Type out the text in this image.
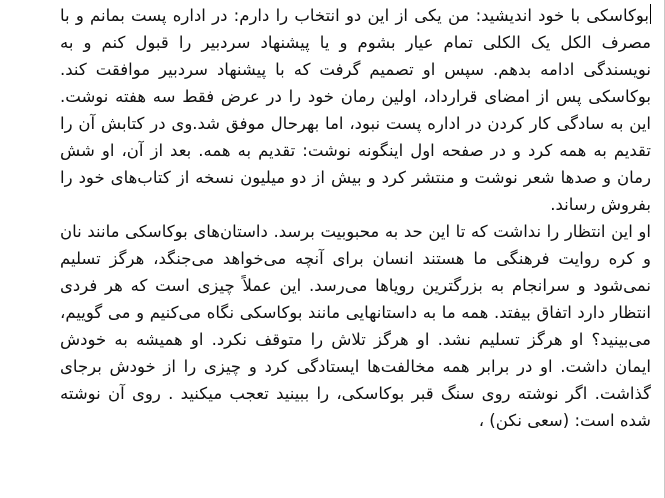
بوکاسکی با خود اندیشید: من یکی از این دو انتخاب را دارم: در اداره پست بمانم و با مصرف الکل یک الکلی تمام عیار بشوم و یا پیشنهاد سردبیر را قبول کنم و به نویسندگی ادامه بدهم. سپس او تصمیم گرفت که با پیشنهاد سردبیر موافقت کند. بوکاسکی پس از امضای قرارداد، اولین رمان خود را در عرض فقط سه هفته نوشت. این به سادگی کار کردن در اداره پست نبود، اما بهرحال موفق شد.وی در کتابش آن را تقدیم به همه کرد و در صفحه اول اینگونه نوشت: تقدیم به همه. بعد از آن، او شش رمان و صدها شعر نوشت و منتشر کرد و بیش از دو میلیون نسخه از کتاب‌های خود را بفروش رساند.

او این انتظار را نداشت که تا این حد به محبوبیت برسد. داستان‌های بوکاسکی مانند نان و کره روایت فرهنگی ما هستند انسان برای آنچه می‌خواهد می‌جنگد، هرگز تسلیم نمی‌شود و سرانجام به بزرگترین رویاها می‌رسد. این عملاً چیزی است که هر فردی انتظار دارد اتفاق بیفتد. همه ما به داستانهایی مانند بوکاسکی نگاه می‌کنیم و می گوییم، می‌بینید؟ او هرگز تسلیم نشد. او هرگز تلاش را متوقف نکرد. او همیشه به خودش ایمان داشت. او در برابر همه مخالفت‌ها ایستادگی کرد و چیزی را از خودش برجای گذاشت. اگر نوشته روی سنگ قبر بوکاسکی، را ببینید تعجب میکنید . روی آن نوشته شده است: (سعی نکن) ،
